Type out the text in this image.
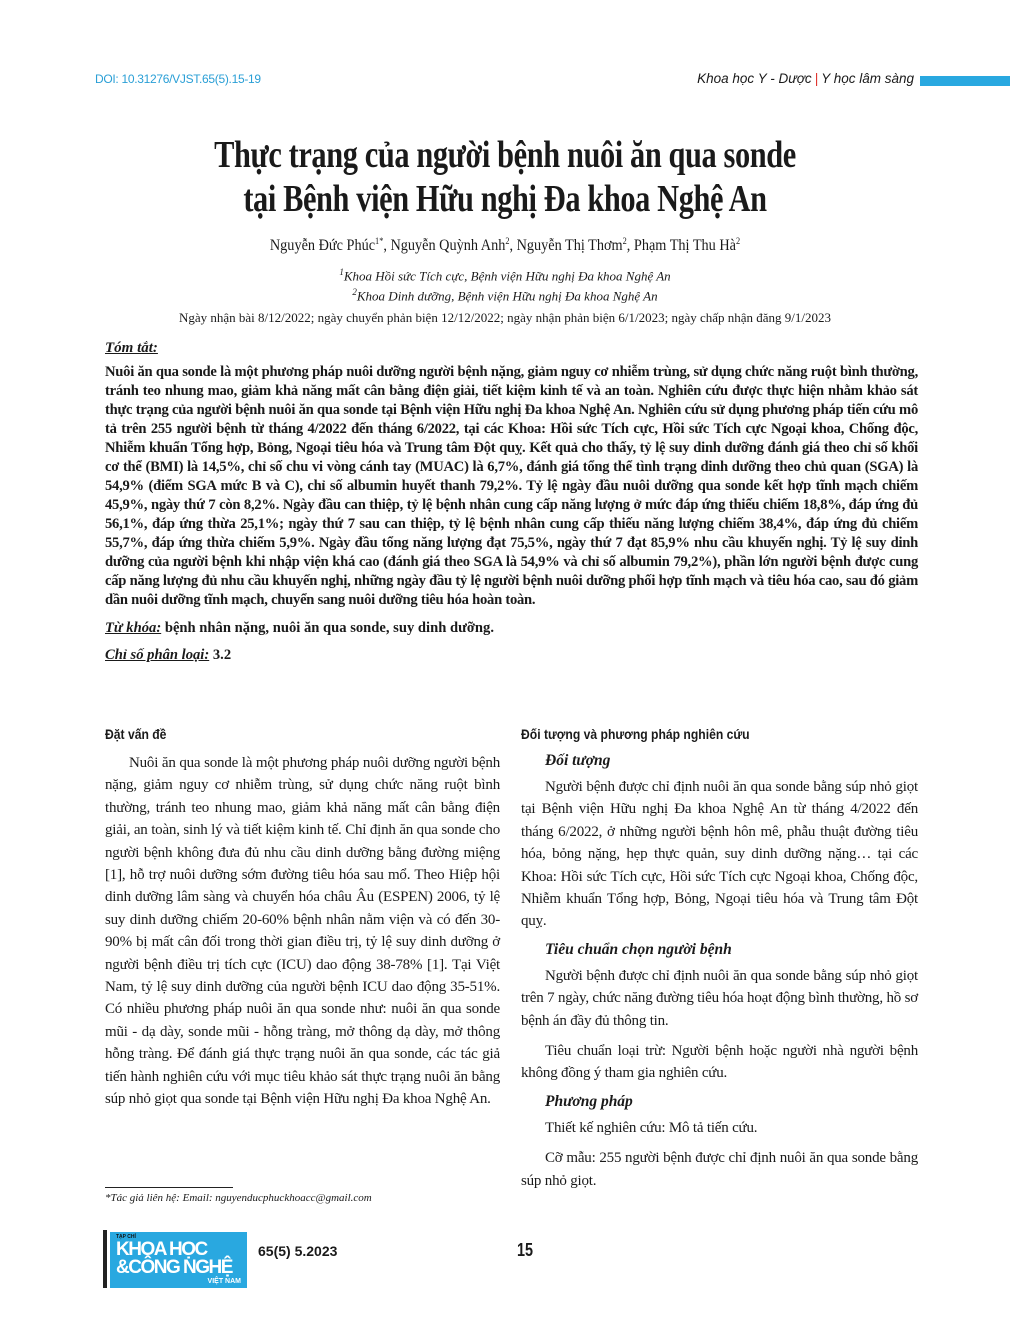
DOI: 10.31276/VJST.65(5).15-19	Khoa học Y - Dược | Y học lâm sàng
Thực trạng của người bệnh nuôi ăn qua sonde
tại Bệnh viện Hữu nghị Đa khoa Nghệ An
Nguyễn Đức Phúc$^{1*}$, Nguyễn Quỳnh Anh$^2$, Nguyễn Thị Thơm$^2$, Phạm Thị Thu $Hà^2$
$^1$Khoa Hồi sức Tích cực, Bệnh viện Hữu nghị Đa khoa Nghệ An
$^2$Khoa Dinh dưỡng, Bệnh viện Hữu nghị Đa khoa Nghệ An
Ngày nhận bài 8/12/2022; ngày chuyển phản biện 12/12/2022; ngày nhận phản biện 6/1/2023; ngày chấp nhận đăng 9/1/2023
Tóm tắt:

Nuôi ăn qua sonde là một phương pháp nuôi dưỡng người bệnh nặng, giảm nguy cơ nhiễm trùng, sử dụng chức năng ruột bình thường, tránh teo nhung mao, giảm khả năng mất cân bằng điện giải, tiết kiệm kinh tế và an toàn. Nghiên cứu được thực hiện nhằm khảo sát thực trạng của người bệnh nuôi ăn qua sonde tại Bệnh viện Hữu nghị Đa khoa Nghệ An. Nghiên cứu sử dụng phương pháp tiến cứu mô tả trên 255 người bệnh từ tháng 4/2022 đến tháng 6/2022, tại các Khoa: Hồi sức Tích cực, Hồi sức Tích cực Ngoại khoa, Chống độc, Nhiễm khuẩn Tổng hợp, Bỏng, Ngoại tiêu hóa và Trung tâm Đột quỵ. Kết quả cho thấy, tỷ lệ suy dinh dưỡng đánh giá theo chỉ số khối cơ thể (BMI) là 14,5%, chỉ số chu vi vòng cánh tay (MUAC) là 6,7%, đánh giá tổng thể tình trạng dinh dưỡng theo chủ quan (SGA) là 54,9% (điểm SGA mức B và C), chỉ số albumin huyết thanh 79,2%. Tỷ lệ ngày đầu nuôi dưỡng qua sonde kết hợp tĩnh mạch chiếm 45,9%, ngày thứ 7 còn 8,2%. Ngày đầu can thiệp, tỷ lệ bệnh nhân cung cấp năng lượng ở mức đáp ứng thiếu chiếm 18,8%, đáp ứng đủ 56,1%, đáp ứng thừa 25,1%; ngày thứ 7 sau can thiệp, tỷ lệ bệnh nhân cung cấp thiếu năng lượng chiếm 38,4%, đáp ứng đủ chiếm 55,7%, đáp ứng thừa chiếm 5,9%. Ngày đầu tổng năng lượng đạt 75,5%, ngày thứ 7 đạt 85,9% nhu cầu khuyến nghị. Tỷ lệ suy dinh dưỡng của người bệnh khi nhập viện khá cao (đánh giá theo SGA là 54,9% và chỉ số albumin 79,2%), phần lớn người bệnh được cung cấp năng lượng đủ nhu cầu khuyến nghị, những ngày đầu tỷ lệ người bệnh nuôi dưỡng phối hợp tĩnh mạch và tiêu hóa cao, sau đó giảm dần nuôi dưỡng tĩnh mạch, chuyển sang nuôi dưỡng tiêu hóa hoàn toàn.

Từ khóa: bệnh nhân nặng, nuôi ăn qua sonde, suy dinh dưỡng.
Chỉ số phân loại: 3.2
Đặt vấn đề

Nuôi ăn qua sonde là một phương pháp nuôi dưỡng người bệnh nặng, giảm nguy cơ nhiễm trùng, sử dụng chức năng ruột bình thường, tránh teo nhung mao, giảm khả năng mất cân bằng điện giải, an toàn, sinh lý và tiết kiệm kinh tế. Chỉ định ăn qua sonde cho người bệnh không đưa đủ nhu cầu dinh dưỡng bằng đường miệng [1], hỗ trợ nuôi dưỡng sớm đường tiêu hóa sau mổ. Theo Hiệp hội dinh dưỡng lâm sàng và chuyển hóa châu Âu (ESPEN) 2006, tỷ lệ suy dinh dưỡng chiếm 20-60% bệnh nhân nằm viện và có đến 30-90% bị mất cân đối trong thời gian điều trị, tỷ lệ suy dinh dưỡng ở người bệnh điều trị tích cực (ICU) dao động 38-78% [1]. Tại Việt Nam, tỷ lệ suy dinh dưỡng của người bệnh ICU dao động 35-51%. Có nhiều phương pháp nuôi ăn qua sonde như: nuôi ăn qua sonde mũi - dạ dày, sonde mũi - hỗng tràng, mở thông dạ dày, mở thông hỗng tràng. Để đánh giá thực trạng nuôi ăn qua sonde, các tác giả tiến hành nghiên cứu với mục tiêu khảo sát thực trạng nuôi ăn bằng súp nhỏ giọt qua sonde tại Bệnh viện Hữu nghị Đa khoa Nghệ An.

Đối tượng và phương pháp nghiên cứu
Đối tượng

Người bệnh được chỉ định nuôi ăn qua sonde bằng súp nhỏ giọt tại Bệnh viện Hữu nghị Đa khoa Nghệ An từ tháng 4/2022 đến tháng 6/2022, ở những người bệnh hôn mê, phẫu thuật đường tiêu hóa, bỏng nặng, hẹp thực quản, suy dinh dưỡng nặng… tại các Khoa: Hồi sức Tích cực, Hồi sức Tích cực Ngoại khoa, Chống độc, Nhiễm khuẩn Tổng hợp, Bỏng, Ngoại tiêu hóa và Trung tâm Đột quỵ.

Tiêu chuẩn chọn người bệnh

Người bệnh được chỉ định nuôi ăn qua sonde bằng súp nhỏ giọt trên 7 ngày, chức năng đường tiêu hóa hoạt động bình thường, hồ sơ bệnh án đầy đủ thông tin.

Tiêu chuẩn loại trừ: Người bệnh hoặc người nhà người bệnh không đồng ý tham gia nghiên cứu.

Phương pháp

Thiết kế nghiên cứu: Mô tả tiến cứu.

Cỡ mẫu: 255 người bệnh được chỉ định nuôi ăn qua sonde bằng súp nhỏ giọt.

*Tác giả liên hệ: Email: nguyenducphuckhoacc@gmail.com
TẠP CHÍ
KHOA HỌC
&CÔNG NGHỆ
VIỆT NAM
65(5) 5.2023	15
